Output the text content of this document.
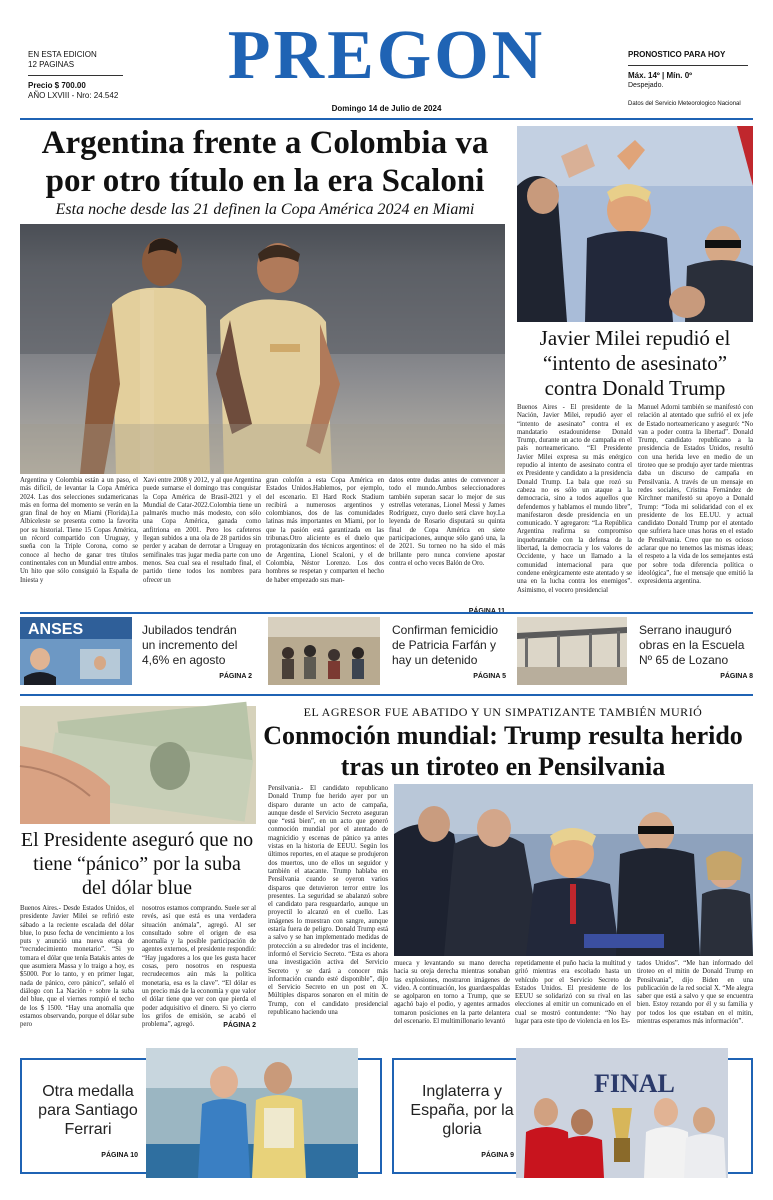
EN ESTA EDICION
12 PAGINAS
Precio $ 700.00
AÑO LXVIII - Nro: 24.542
PREGON
Domingo 14 de Julio de 2024
PRONOSTICO PARA HOY
Máx. 14º | Mín. 0º
Despejado.
Datos del Servicio Meteorologico Nacional
Argentina frente a Colombia va por otro título en la era Scaloni
Esta noche desde las 21 definen la Copa América 2024 en Miami
Argentina y Colombia están a un paso, el más difícil, de levantar la Copa América 2024. Las dos selecciones sudamericanas más en forma del momento se verán en la gran final de hoy en Miami (Florida).La Albiceleste se presenta como la favorita por su historial. Tiene 15 Copas América, un récord compartido con Uruguay, y sueña con la Triple Corona, como se conoce al hecho de ganar tres títulos continentales con un Mundial entre ambos. Un hito que sólo consiguió la España de Iniesta y
Xavi entre 2008 y 2012, y al que Argentina puede sumarse el domingo tras conquistar la Copa América de Brasil-2021 y el Mundial de Catar-2022.Colombia tiene un palmarés mucho más modesto, con sólo una Copa América, ganada como anfitriona en 2001. Pero los cafeteros llegan subidos a una ola de 28 partidos sin perder y acaban de derrotar a Uruguay en semifinales tras jugar media parte con uno menos. Sea cual sea el resultado final, el partido tiene todos los nombres para ofrecer un
gran colofón a esta Copa América en Estados Unidos.Hablemos, por ejemplo, del escenario. El Hard Rock Stadium recibirá a numerosos argentinos y colombianos, dos de las comunidades latinas más importantes en Miami, por lo que la pasión está garantizada en las tribunas.Otro aliciente es el duelo que protagonizarán dos técnicos argentinos: el de Argentina, Lionel Scaloni, y el de Colombia, Néstor Lorenzo. Los dos hombres se respetan y comparten el hecho de haber empezado sus man-
datos entre dudas antes de convencer a todo el mundo.Ambos seleccionadores también superan sacar lo mejor de sus estrellas veteranas, Lionel Messi y James Rodríguez, cuyo duelo será clave hoy.La leyenda de Rosario disputará su quinta final de Copa América en siete participaciones, aunque sólo ganó una, la de 2021. Su torneo no ha sido el más brillante pero nunca conviene apostar contra el ocho veces Balón de Oro.
PÁGINA 11
Javier Milei repudió el “intento de asesinato” contra Donald Trump
Buenos Aires - El presidente de la Nación, Javier Milei, repudió ayer el “intento de asesinato” contra el ex mandatario estadounidense Donald Trump, durante un acto de campaña en el país norteamericano. “El Presidente Javier Milei expresa su más enérgico repudio al intento de asesinato contra el ex Presidente y candidato a la presidencia Donald Trump. La bala que rozó su cabeza no es sólo un ataque a la democracia, sino a todos aquellos que defendemos y hablamos el mundo libre”, manifestaron desde presidencia en un comunicado. Y agregaron: “La República Argentina reafirma su compromiso inquebrantable con la defensa de la libertad, la democracia y los valores de Occidente, y hace un llamado a la comunidad internacional para que condene enérgicamente este atentado y se una en la lucha contra los enemigos”. Asimismo, el vocero presidencial
Manuel Adorni también se manifestó con relación al atentado que sufrió el ex jefe de Estado norteamericano y aseguró: “No van a poder contra la libertad”. Donald Trump, candidato republicano a la presidencia de Estados Unidos, resultó con una herida leve en medio de un tiroteo que se produjo ayer tarde mientras daba un discurso de campaña en Pensilvania. A través de un mensaje en redes sociales, Cristina Fernández de Kirchner manifestó su apoyo a Donald Trump: “Toda mi solidaridad con el ex presidente de los EE.UU. y actual candidato Donald Trump por el atentado que sufriera hace unas horas en el estado de Pensilvania. Creo que no es ocioso aclarar que no tenemos las mismas ideas; el respeto a la vida de los semejantes está por sobre toda diferencia política o ideológica”, fue el mensaje que emitió la expresidenta argentina.
ANSES	Jubilados tendrán un incremento del 4,6% en agosto
PÁGINA 2
Confirman femicidio de Patricia Farfán y hay un detenido
PÁGINA 5
Serrano inauguró obras en la Escuela Nº 65 de Lozano
PÁGINA 8
El Presidente aseguró que no tiene “pánico” por la suba del dólar blue
Buenos Aires.- Desde Estados Unidos, el presidente Javier Milei se refirió este sábado a la reciente escalada del dólar blue, lo puso fecha de vencimiento a los puts y anunció una nueva etapa de “recrudecimiento monetario”. “Si yo tomara el dólar que tenía Batakis antes de que asumiera Massa y lo traigo a hoy, es $5000. Por lo tanto, y en primer lugar, nada de pánico, cero pánico”, señaló el diálogo con La Nación + sobre la suba del blue, que el viernes rompió el techo de los $ 1500. “Hay una anomalía que estamos observando, porque el dólar sube pero
nosotros estamos comprando. Suele ser al revés, así que está es una verdadera situación anómala”, agregó. Al ser consultado sobre el origen de esa anomalía y la posible participación de agentes externos, el presidente respondió: “Hay jugadores a los que les gusta hacer cosas, pero nosotros en respuesta recrudecemos aún más la política monetaria, esa es la clave”. “El dólar es un precio más de la economía y que valor el dólar tiene que ver con que pierda el poder adquisitivo el dinero. Si yo cierro los grifos de emisión, se acabó el problema”, agregó.	PÁGINA 2
EL AGRESOR FUE ABATIDO Y UN SIMPATIZANTE TAMBIÉN MURIÓ
Conmoción mundial: Trump resulta herido tras un tiroteo en Pensilvania
Pensilvania.- El candidato republicano Donald Trump fue herido ayer por un disparo durante un acto de campaña, aunque desde el Servicio Secreto aseguran que “está bien”, en un acto que generó conmoción mundial por el atentado de magnicidio y escenas de pánico ya antes vistas en la historia de EEUU. Según los últimos reportes, en el ataque se produjeron dos muertos, uno de ellos un seguidor y también el atacante. Trump hablaba en Pensilvania cuando se oyeron varios disparos que detuvieron terror entre los presentes. La seguridad se abalanzó sobre el candidato para resguardarlo, aunque un proyectil lo alcanzó en el cuello. Las imágenes lo muestran con sangre, aunque estaría fuera de peligro. Donald Trump está a salvo y se han implementado medidas de protección a su alrededor tras el incidente, informó el Servicio Secreto. “Esta es ahora una investigación activa del Servicio Secreto y se dará a conocer más información cuando esté disponible”, dijo el Servicio Secreto en un post en X. Múltiples disparos sonaron en el mitin de Trump, con el candidato presidencial republicano haciendo una
mueca y levantando su mano derecha hacia su oreja derecha mientras sonaban las explosiones, mostraron imágenes de video. A continuación, los guardaespaldas se agolparon en torno a Trump, que se agachó bajo el podio, y agentes armados tomaron posiciones en la parte delantera del escenario. El multimillonario levantó
repetidamente el puño hacia la multitud y gritó mientras era escoltado hasta un vehículo por el Servicio Secreto de Estados Unidos. El presidente de los EEUU se solidarizó con su rival en las elecciones al emitir un comunicado en el cual se mostró contundente: “No hay lugar para este tipo de violencia en los Es-
tados Unidos”. “Me han informado del tiroteo en el mitin de Donald Trump en Pensilvania”, dijo Biden en una publicación de la red social X. “Me alegra saber que está a salvo y que se encuentra bien. Estoy rezando por él y su familia y por todos los que estaban en el mitin, mientras esperamos más información”.
Otra medalla para Santiago Ferrari
PÁGINA 10
Inglaterra y España, por la gloria
PÁGINA 9
FINAL
